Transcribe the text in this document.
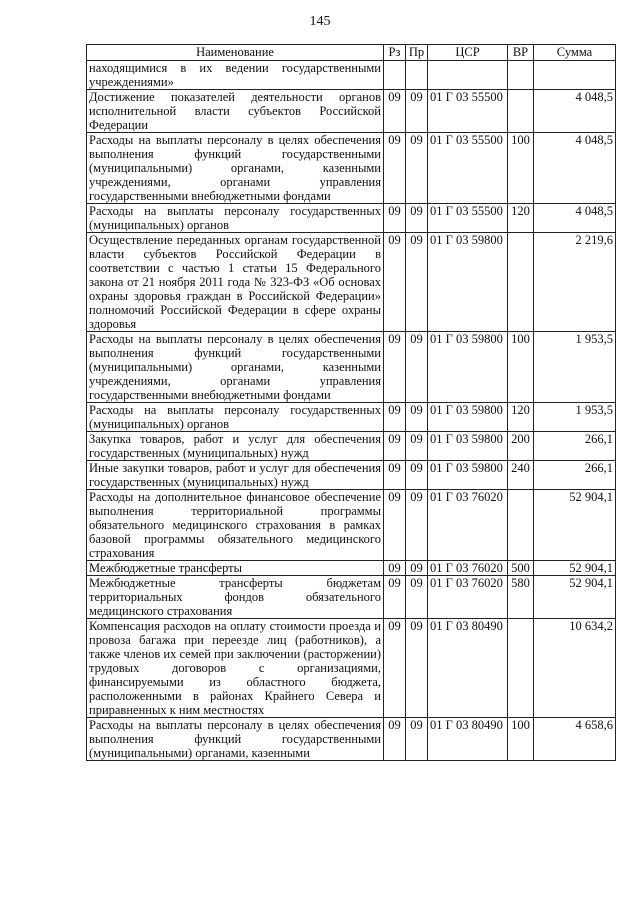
145
Наименование	Рз	Пр	ЦСР	ВР	Сумма
находящимися в их ведении государственными учреждениями»					
Достижение показателей деятельности органов исполнительной власти субъектов Российской Федерации	09	09	01 Г 03 55500		4 048,5
Расходы на выплаты персоналу в целях обеспечения выполнения функций государственными (муниципальными) органами, казенными учреждениями, органами управления государственными внебюджетными фондами	09	09	01 Г 03 55500	100	4 048,5
Расходы на выплаты персоналу государственных (муниципальных) органов	09	09	01 Г 03 55500	120	4 048,5
Осуществление переданных органам государственной власти субъектов Российской Федерации в соответствии с частью 1 статьи 15 Федерального закона от 21 ноября 2011 года № 323-ФЗ «Об основах охраны здоровья граждан в Российской Федерации» полномочий Российской Федерации в сфере охраны здоровья	09	09	01 Г 03 59800		2 219,6
Расходы на выплаты персоналу в целях обеспечения выполнения функций государственными (муниципальными) органами, казенными учреждениями, органами управления государственными внебюджетными фондами	09	09	01 Г 03 59800	100	1 953,5
Расходы на выплаты персоналу государственных (муниципальных) органов	09	09	01 Г 03 59800	120	1 953,5
Закупка товаров, работ и услуг для обеспечения государственных (муниципальных) нужд	09	09	01 Г 03 59800	200	266,1
Иные закупки товаров, работ и услуг для обеспечения государственных (муниципальных) нужд	09	09	01 Г 03 59800	240	266,1
Расходы на дополнительное финансовое обеспечение выполнения территориальной программы обязательного медицинского страхования в рамках базовой программы обязательного медицинского страхования	09	09	01 Г 03 76020		52 904,1
Межбюджетные трансферты	09	09	01 Г 03 76020	500	52 904,1
Межбюджетные трансферты бюджетам территориальных фондов обязательного медицинского страхования	09	09	01 Г 03 76020	580	52 904,1
Компенсация расходов на оплату стоимости проезда и провоза багажа при переезде лиц (работников), а также членов их семей при заключении (расторжении) трудовых договоров с организациями, финансируемыми из областного бюджета, расположенными в районах Крайнего Севера и приравненных к ним местностях	09	09	01 Г 03 80490		10 634,2
Расходы на выплаты персоналу в целях обеспечения выполнения функций государственными (муниципальными) органами, казенными	09	09	01 Г 03 80490	100	4 658,6
